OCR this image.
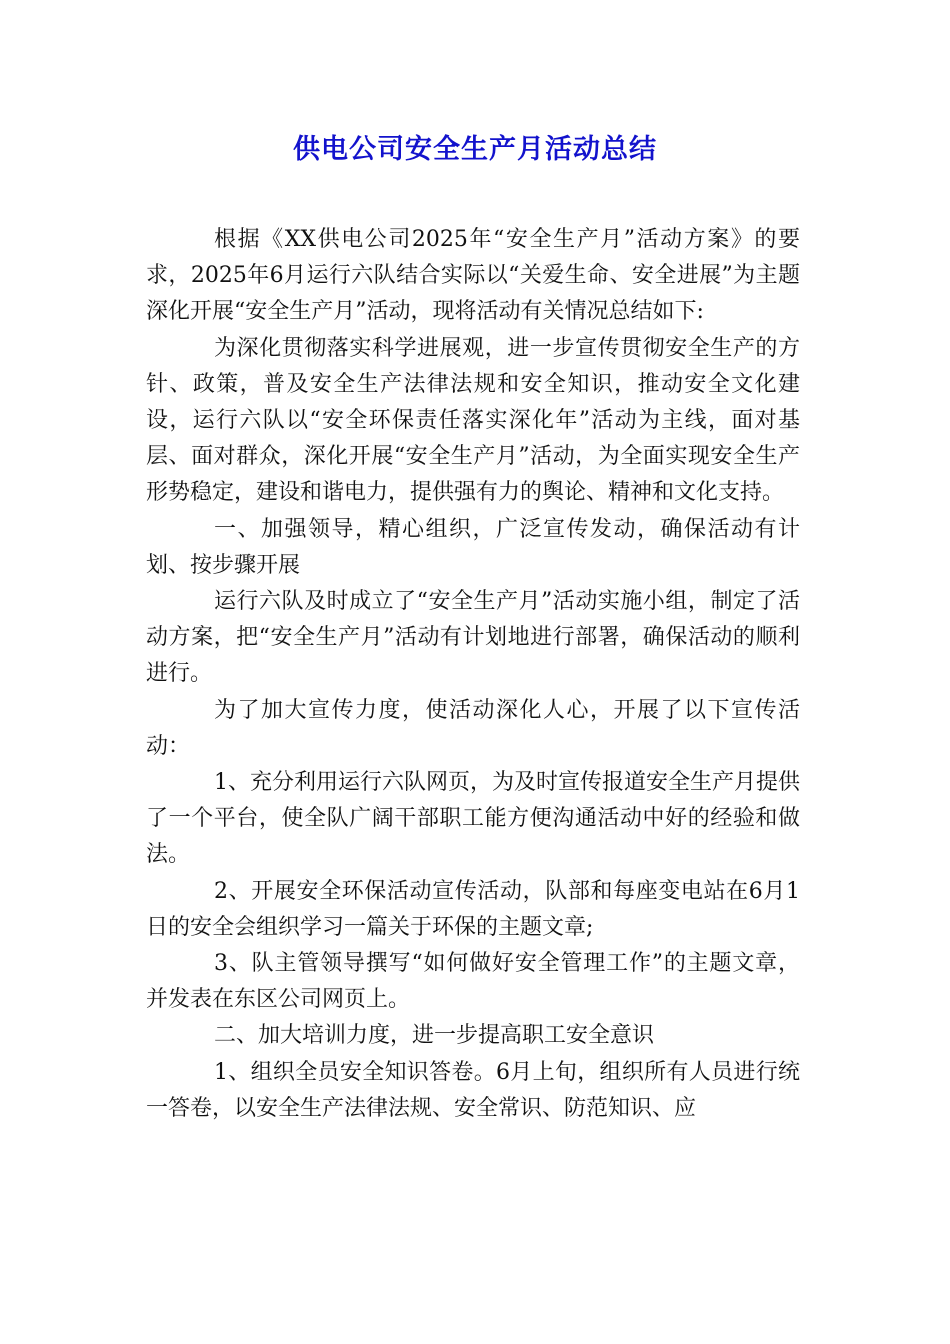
供电公司安全生产月活动总结

根据《XX供电公司2025年“安全生产月”活动方案》的要求，2025年6月运行六队结合实际以“关爱生命、安全进展”为主题深化开展“安全生产月”活动，现将活动有关情况总结如下:

为深化贯彻落实科学进展观，进一步宣传贯彻安全生产的方针、政策，普及安全生产法律法规和安全知识，推动安全文化建设，运行六队以“安全环保责任落实深化年”活动为主线，面对基层、面对群众，深化开展“安全生产月”活动，为全面实现安全生产形势稳定，建设和谐电力，提供强有力的舆论、精神和文化支持。

一、加强领导，精心组织，广泛宣传发动，确保活动有计划、按步骤开展

运行六队及时成立了“安全生产月”活动实施小组，制定了活动方案，把“安全生产月”活动有计划地进行部署，确保活动的顺利进行。

为了加大宣传力度，使活动深化人心，开展了以下宣传活动：

1、充分利用运行六队网页，为及时宣传报道安全生产月提供了一个平台，使全队广阔干部职工能方便沟通活动中好的经验和做法。

2、开展安全环保活动宣传活动，队部和每座变电站在6月1日的安全会组织学习一篇关于环保的主题文章;

3、队主管领导撰写“如何做好安全管理工作”的主题文章，并发表在东区公司网页上。

二、加大培训力度，进一步提高职工安全意识

1、组织全员安全知识答卷。6月上旬，组织所有人员进行统一答卷，以安全生产法律法规、安全常识、防范知识、应
